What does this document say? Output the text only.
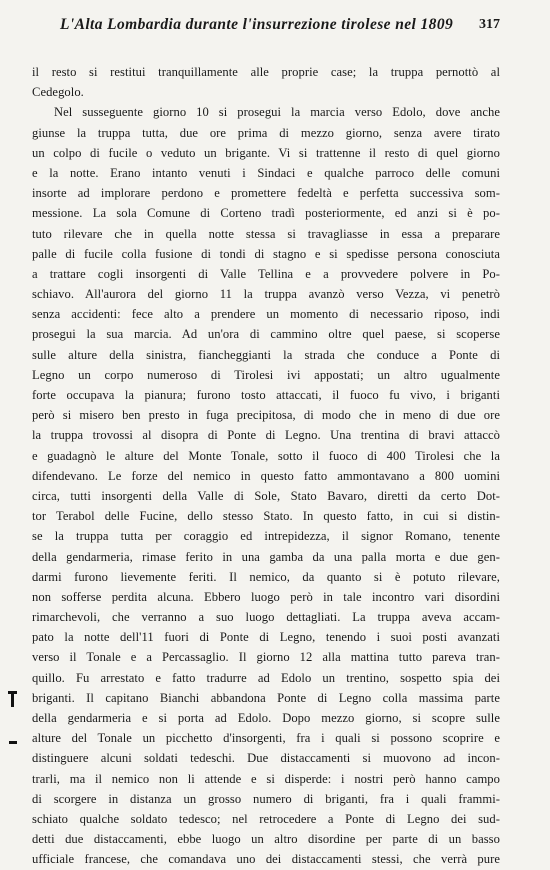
L'Alta Lombardia durante l'insurrezione tirolese nel 1809	317
il resto si restitui tranquillamente alle proprie case; la truppa pernottò al
Cedegolo.
Nel susseguente giorno 10 si prosegui la marcia verso Edolo, dove anche
giunse la truppa tutta, due ore prima di mezzo giorno, senza avere tirato
un colpo di fucile o veduto un brigante. Vi si trattenne il resto di quel giorno
e la notte. Erano intanto venuti i Sindaci e qualche parroco delle comuni
insorte ad implorare perdono e promettere fedeltà e perfetta successiva som-
messione. La sola Comune di Corteno tradì posteriormente, ed anzi si è po-
tuto rilevare che in quella notte stessa si travagliasse in essa a preparare
palle di fucile colla fusione di tondi di stagno e si spedisse persona conosciuta
a trattare cogli insorgenti di Valle Tellina e a provvedere polvere in Po-
schiavo. All'aurora del giorno 11 la truppa avanzò verso Vezza, vi penetrò
senza accidenti: fece alto a prendere un momento di necessario riposo, indi
prosegui la sua marcia. Ad un'ora di cammino oltre quel paese, si scoperse
sulle alture della sinistra, fiancheggianti la strada che conduce a Ponte di
Legno un corpo numeroso di Tirolesi ivi appostati; un altro ugualmente
forte occupava la pianura; furono tosto attaccati, il fuoco fu vivo, i briganti
però si misero ben presto in fuga precipitosa, di modo che in meno di due ore
la truppa trovossi al disopra di Ponte di Legno. Una trentina di bravi attaccò
e guadagnò le alture del Monte Tonale, sotto il fuoco di 400 Tirolesi che la
difendevano. Le forze del nemico in questo fatto ammontavano a 800 uomini
circa, tutti insorgenti della Valle di Sole, Stato Bavaro, diretti da certo Dot-
tor Terabol delle Fucine, dello stesso Stato. In questo fatto, in cui si distin-
se la truppa tutta per coraggio ed intrepidezza, il signor Romano, tenente
della gendarmeria, rimase ferito in una gamba da una palla morta e due gen-
darmi furono lievemente feriti. Il nemico, da quanto si è potuto rilevare,
non sofferse perdita alcuna. Ebbero luogo però in tale incontro vari disordini
rimarchevoli, che verranno a suo luogo dettagliati. La truppa aveva accam-
pato la notte dell'11 fuori di Ponte di Legno, tenendo i suoi posti avanzati
verso il Tonale e a Percassaglio. Il giorno 12 alla mattina tutto pareva tran-
quillo. Fu arrestato e fatto tradurre ad Edolo un trentino, sospetto spia dei
briganti. Il capitano Bianchi abbandona Ponte di Legno colla massima parte
della gendarmeria e si porta ad Edolo. Dopo mezzo giorno, si scopre sulle
alture del Tonale un picchetto d'insorgenti, fra i quali si possono scoprire e
distinguere alcuni soldati tedeschi. Due distaccamenti si muovono ad incon-
trarli, ma il nemico non li attende e si disperde: i nostri però hanno campo
di scorgere in distanza un grosso numero di briganti, fra i quali frammi-
schiato qualche soldato tedesco; nel retrocedere a Ponte di Legno dei sud-
detti due distaccamenti, ebbe luogo un altro disordine per parte di un basso
ufficiale francese, che comandava uno dei distaccamenti stessi, che verrà pure
